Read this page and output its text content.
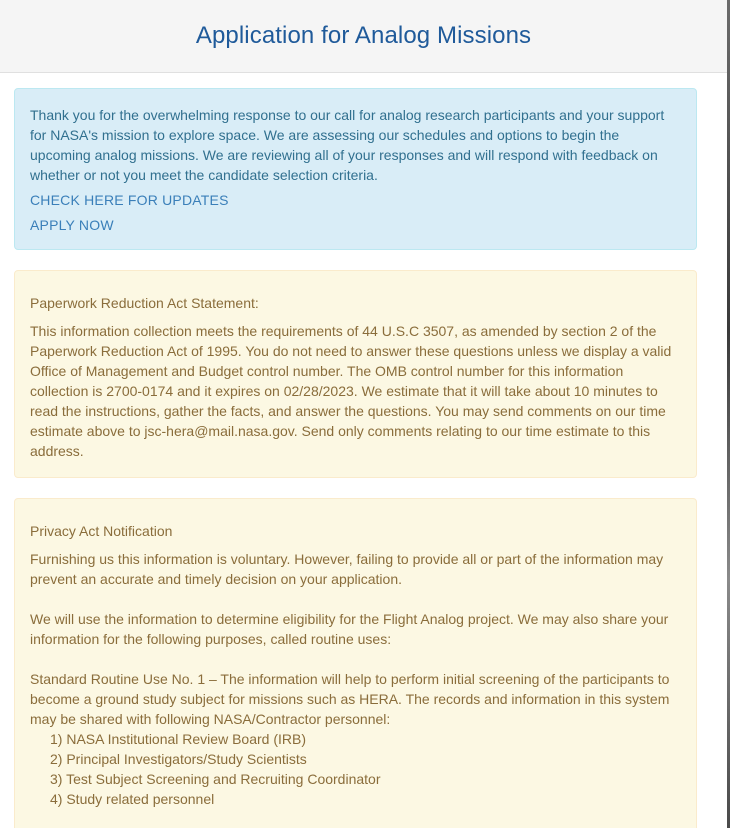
Application for Analog Missions

Thank you for the overwhelming response to our call for analog research participants and your support for NASA's mission to explore space. We are assessing our schedules and options to begin the upcoming analog missions. We are reviewing all of your responses and will respond with feedback on whether or not you meet the candidate selection criteria.

CHECK HERE FOR UPDATES
APPLY NOW

Paperwork Reduction Act Statement:

This information collection meets the requirements of 44 U.S.C 3507, as amended by section 2 of the Paperwork Reduction Act of 1995. You do not need to answer these questions unless we display a valid Office of Management and Budget control number. The OMB control number for this information collection is 2700-0174 and it expires on 02/28/2023. We estimate that it will take about 10 minutes to read the instructions, gather the facts, and answer the questions. You may send comments on our time estimate above to jsc-hera@mail.nasa.gov. Send only comments relating to our time estimate to this address.

Privacy Act Notification

Furnishing us this information is voluntary. However, failing to provide all or part of the information may prevent an accurate and timely decision on your application.

We will use the information to determine eligibility for the Flight Analog project. We may also share your information for the following purposes, called routine uses:

Standard Routine Use No. 1 – The information will help to perform initial screening of the participants to become a ground study subject for missions such as HERA. The records and information in this system may be shared with following NASA/Contractor personnel:

1) NASA Institutional Review Board (IRB)
2) Principal Investigators/Study Scientists
3) Test Subject Screening and Recruiting Coordinator
4) Study related personnel
